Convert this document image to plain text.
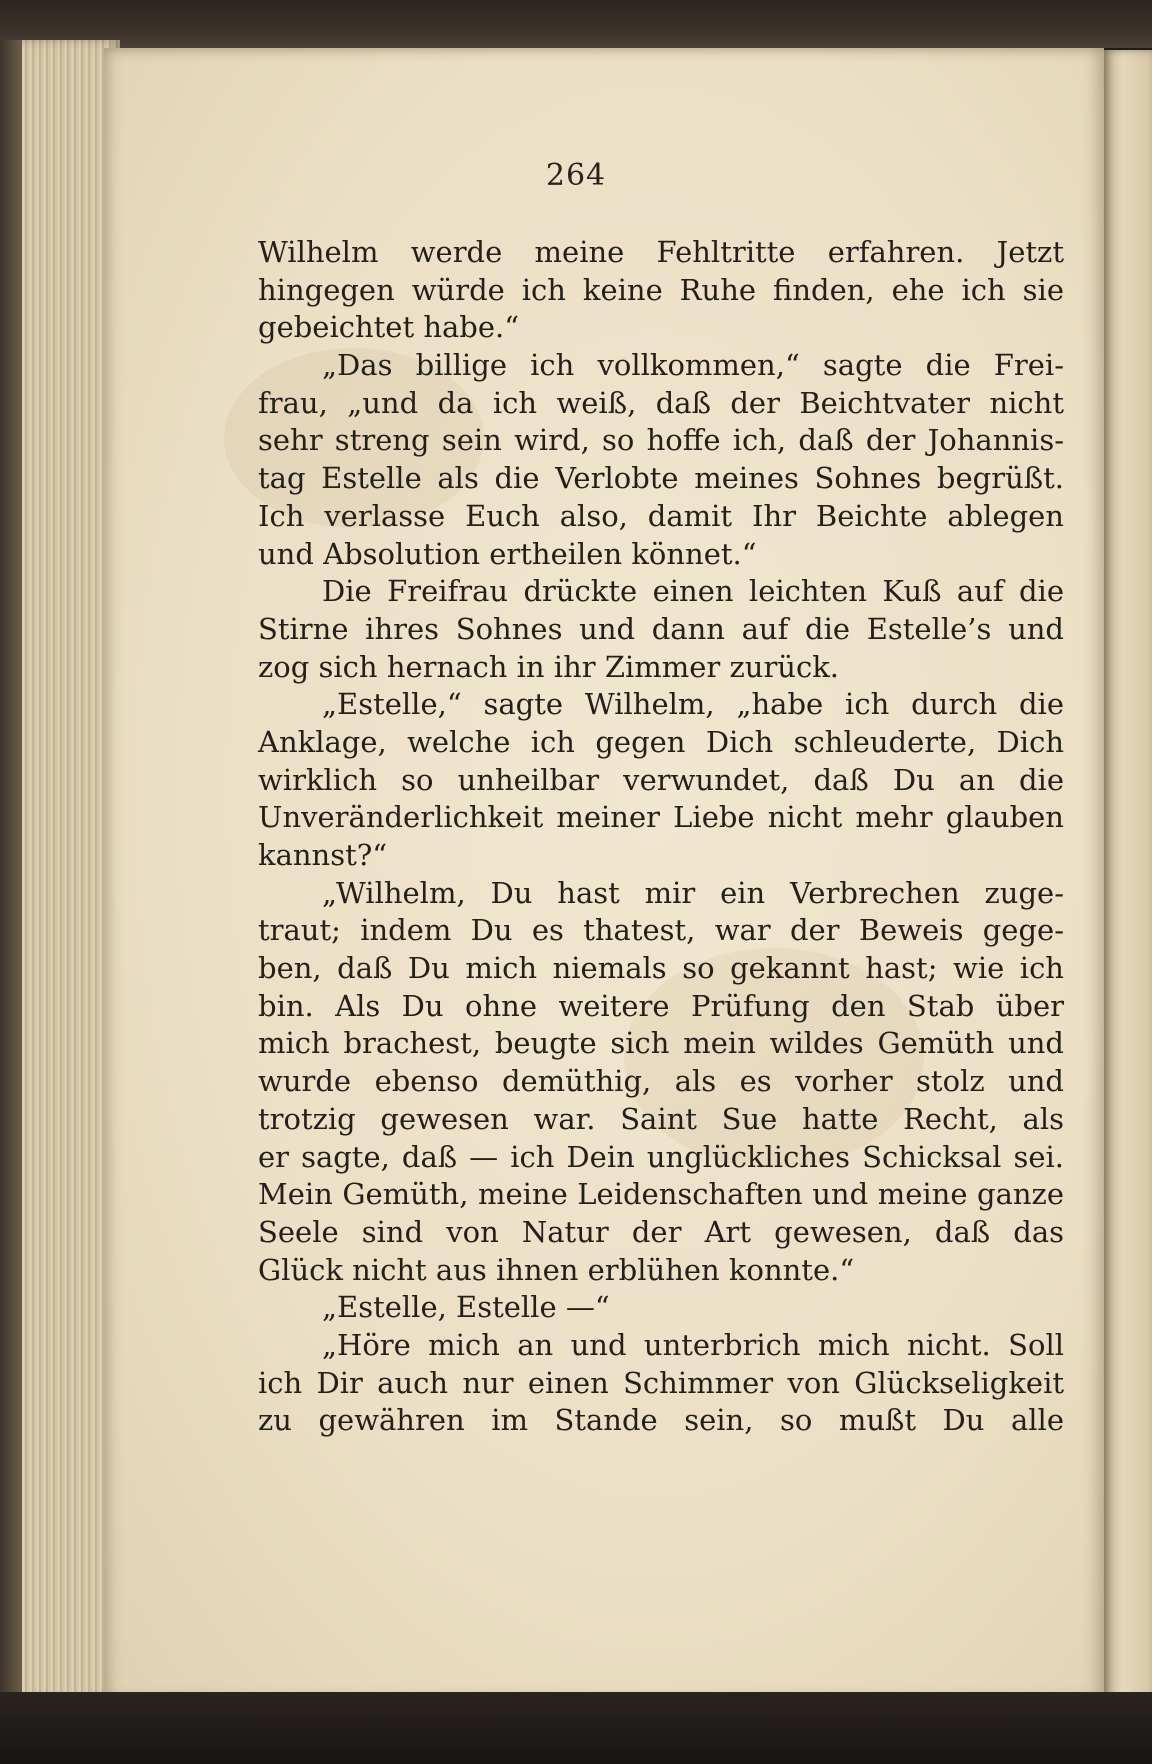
264
Wilhelm werde meine Fehltritte erfahren. Jetzt
hingegen würde ich keine Ruhe finden, ehe ich sie
gebeichtet habe.“
„Das billige ich vollkommen,“ sagte die Frei-
frau, „und da ich weiß, daß der Beichtvater nicht
sehr streng sein wird, so hoffe ich, daß der Johannis-
tag Estelle als die Verlobte meines Sohnes begrüßt.
Ich verlasse Euch also, damit Ihr Beichte ablegen
und Absolution ertheilen könnet.“
Die Freifrau drückte einen leichten Kuß auf die
Stirne ihres Sohnes und dann auf die Estelle’s und
zog sich hernach in ihr Zimmer zurück.
„Estelle,“ sagte Wilhelm, „habe ich durch die
Anklage, welche ich gegen Dich schleuderte, Dich
wirklich so unheilbar verwundet, daß Du an die
Unveränderlichkeit meiner Liebe nicht mehr glauben
kannst?“
„Wilhelm, Du hast mir ein Verbrechen zuge-
traut; indem Du es thatest, war der Beweis gege-
ben, daß Du mich niemals so gekannt hast; wie ich
bin. Als Du ohne weitere Prüfung den Stab über
mich brachest, beugte sich mein wildes Gemüth und
wurde ebenso demüthig, als es vorher stolz und
trotzig gewesen war. Saint Sue hatte Recht, als
er sagte, daß — ich Dein unglückliches Schicksal sei.
Mein Gemüth, meine Leidenschaften und meine ganze
Seele sind von Natur der Art gewesen, daß das
Glück nicht aus ihnen erblühen konnte.“
„Estelle, Estelle —“
„Höre mich an und unterbrich mich nicht. Soll
ich Dir auch nur einen Schimmer von Glückseligkeit
zu gewähren im Stande sein, so mußt Du alle
